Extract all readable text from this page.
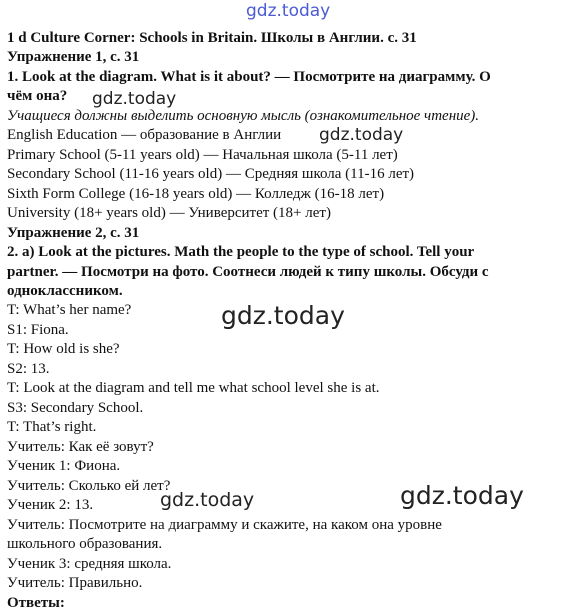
gdz.today
1 d Culture Corner: Schools in Britain. Школы в Англии. с. 31
Упражнение 1, с. 31
1. Look at the diagram. What is it about? — Посмотрите на диаграмму. О
чём она? gdz.today
Учащиеся должны выделить основную мысль (ознакомительное чтение).
English Education — образование в Англии gdz.today
Primary School (5-11 years old) — Начальная школа (5-11 лет)
Secondary School (11-16 years old) — Средняя школа (11-16 лет)
Sixth Form College (16-18 years old) — Колледж (16-18 лет)
University (18+ years old) — Университет (18+ лет)
Упражнение 2, с. 31
2. a) Look at the pictures. Math the people to the type of school. Tell your
partner. — Посмотри на фото. Соотнеси людей к типу школы. Обсуди с
одноклассником.
T: What’s her name?	gdz.today
S1: Fiona.
T: How old is she?
S2: 13.
T: Look at the diagram and tell me what school level she is at.
S3: Secondary School.
T: That’s right.
Учитель: Как её зовут?
Ученик 1: Фиона.
Учитель: Сколько ей лет?
Ученик 2: 13.	gdz.today	gdz.today
Учитель: Посмотрите на диаграмму и скажите, на каком она уровне
школьного образования.
Ученик 3: средняя школа.
Учитель: Правильно.
Ответы:
